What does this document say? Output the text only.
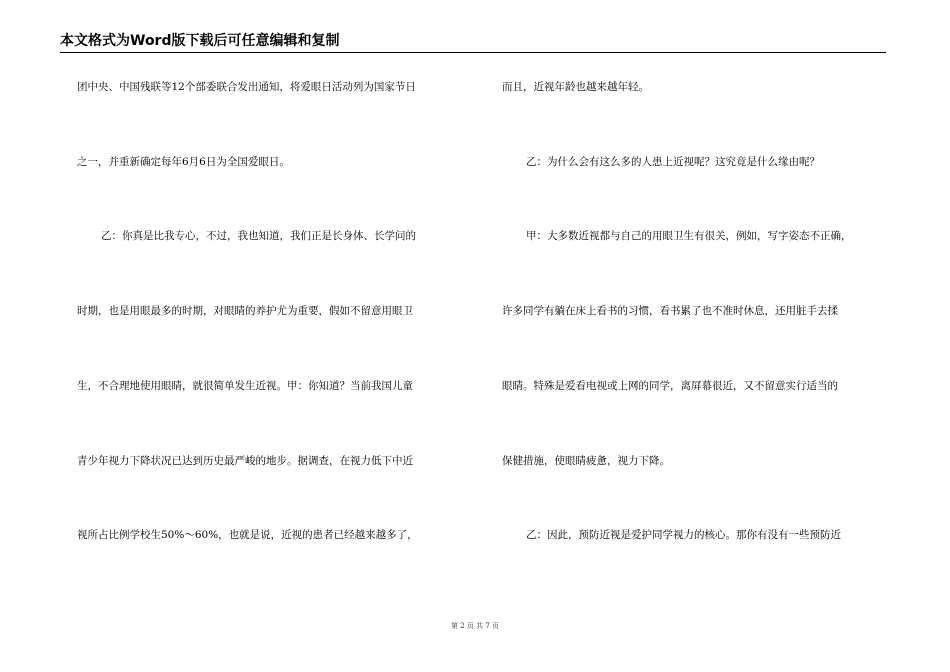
本文格式为Word版下载后可任意编辑和复制
团中央、中国残联等12个部委联合发出通知，将爱眼日活动列为国家节日
之一，并重新确定每年6月6日为全国爱眼日。
乙：你真是比我专心，不过，我也知道，我们正是长身体、长学问的
时期，也是用眼最多的时期，对眼睛的养护尤为重要，假如不留意用眼卫
生，不合理地使用眼睛，就很简单发生近视。甲：你知道？当前我国儿童
青少年视力下降状况已达到历史最严峻的地步。据调查，在视力低下中近
视所占比例学校生50%～60%，也就是说，近视的患者已经越来越多了，
而且，近视年龄也越来越年轻。
乙：为什么会有这么多的人患上近视呢？这究竟是什么缘由呢？
甲：大多数近视都与自己的用眼卫生有很关，例如，写字姿态不正确，
许多同学有躺在床上看书的习惯，看书累了也不准时休息，还用脏手去揉
眼睛。特殊是爱看电视或上网的同学，离屏幕很近，又不留意实行适当的
保健措施，使眼睛疲惫，视力下降。
乙：因此，预防近视是爱护同学视力的核心。那你有没有一些预防近
第 2 页 共 7 页
